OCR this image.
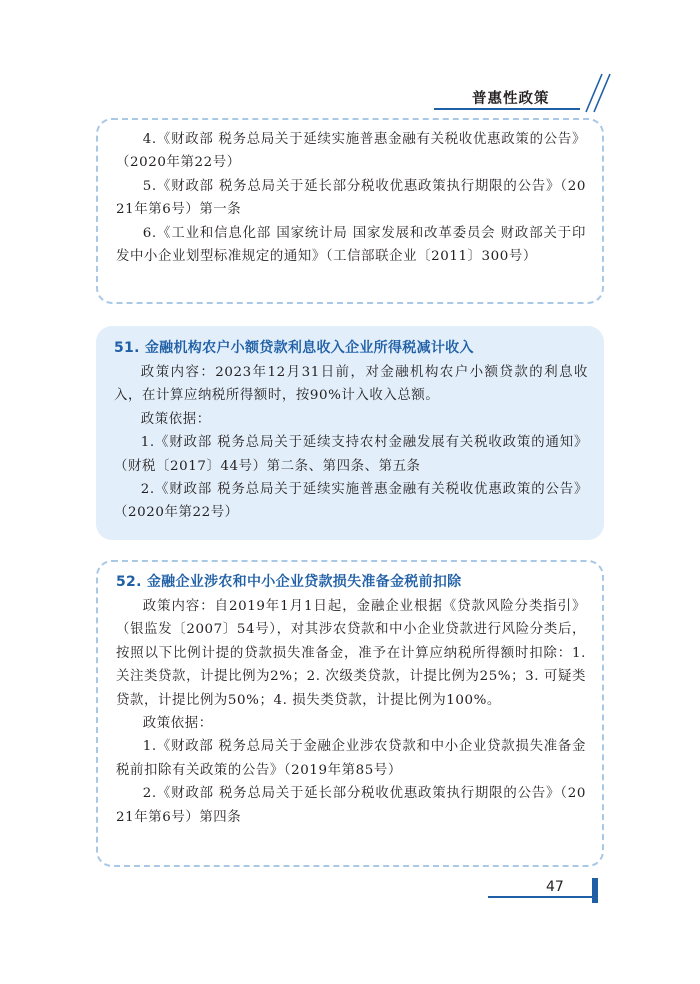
普惠性政策

4.《财政部 税务总局关于延续实施普惠金融有关税收优惠政策的公告》（2020年第22号）

5.《财政部 税务总局关于延长部分税收优惠政策执行期限的公告》（2021年第6号）第一条

6.《工业和信息化部 国家统计局 国家发展和改革委员会 财政部关于印发中小企业划型标准规定的通知》（工信部联企业〔2011〕300号）

51. 金融机构农户小额贷款利息收入企业所得税减计收入

政策内容：2023年12月31日前，对金融机构农户小额贷款的利息收入，在计算应纳税所得额时，按90%计入收入总额。

政策依据：

1.《财政部 税务总局关于延续支持农村金融发展有关税收政策的通知》（财税〔2017〕44号）第二条、第四条、第五条

2.《财政部 税务总局关于延续实施普惠金融有关税收优惠政策的公告》（2020年第22号）

52. 金融企业涉农和中小企业贷款损失准备金税前扣除

政策内容：自2019年1月1日起，金融企业根据《贷款风险分类指引》（银监发〔2007〕54号），对其涉农贷款和中小企业贷款进行风险分类后，按照以下比例计提的贷款损失准备金，准予在计算应纳税所得额时扣除：1. 关注类贷款，计提比例为2%；2. 次级类贷款，计提比例为25%；3. 可疑类贷款，计提比例为50%；4. 损失类贷款，计提比例为100%。

政策依据：

1.《财政部 税务总局关于金融企业涉农贷款和中小企业贷款损失准备金税前扣除有关政策的公告》（2019年第85号）

2.《财政部 税务总局关于延长部分税收优惠政策执行期限的公告》（2021年第6号）第四条

47
